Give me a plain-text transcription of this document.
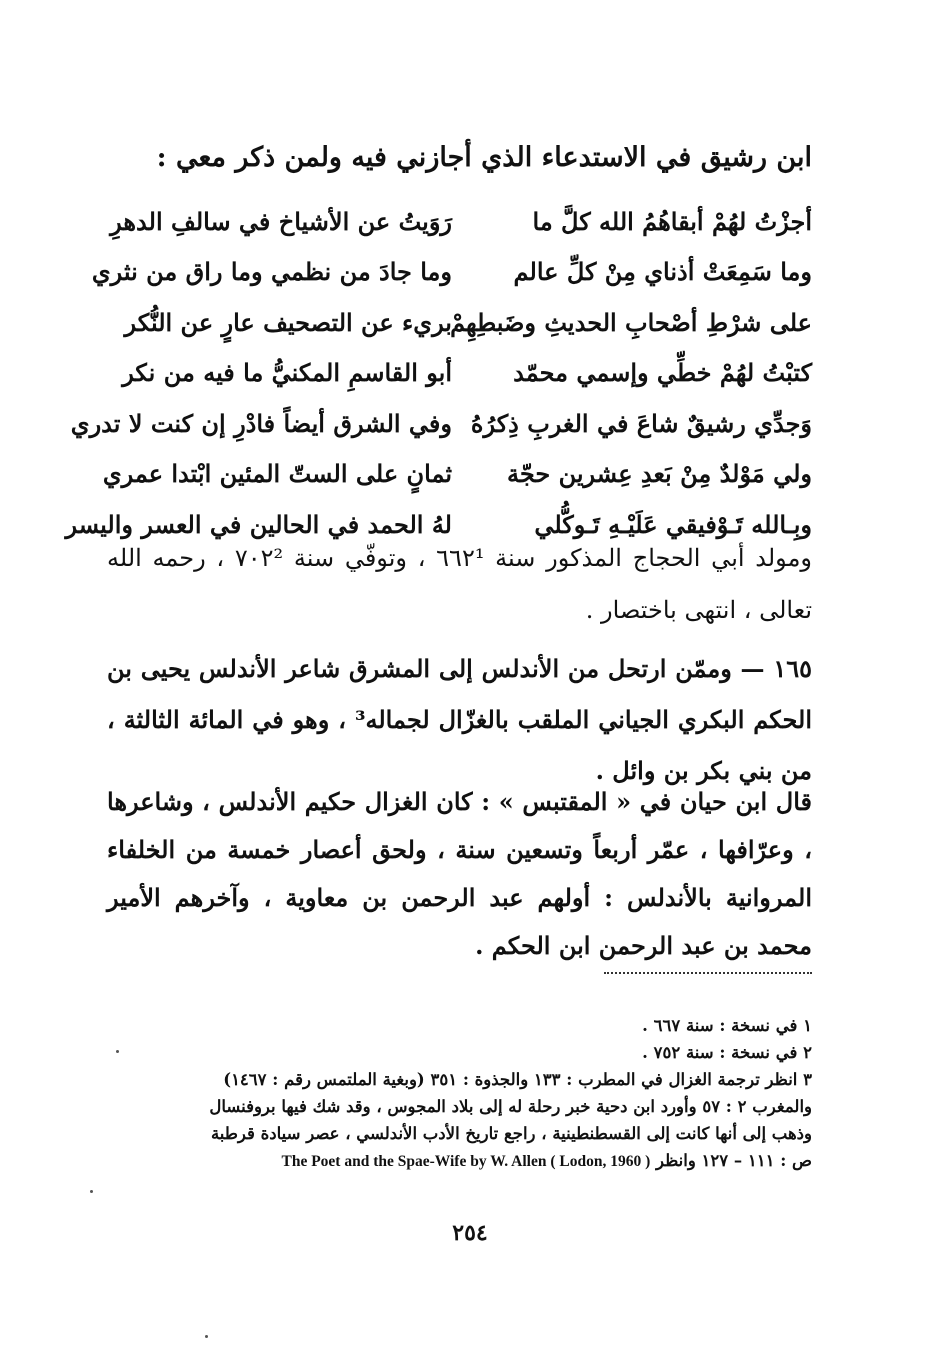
ابن رشيق في الاستدعاء الذي أجازني فيه ولمن ذكر معي :
أجزْتُ لهُمْ أبقاهُمُ الله كلَّ ما
رَوَيتُ عن الأشياخ في سالفِ الدهرِ
وما سَمِعَتْ أذناي مِنْ كلِّ عالم
وما جادَ من نظمي وما راق من نثري
على شرْطِ أصْحابِ الحديثِ وضَبطِهِمْ
بريء عن التصحيف عارٍ عن النُّكر
كتبْتُ لهُمْ خطِّي وإسمي محمّد
أبو القاسمِ المكنيُّ ما فيه من نكر
وَجدِّي رشيقٌ شاعَ في الغربِ ذِكرُهُ
وفي الشرق أيضاً فادْرِ إن كنت لا تدري
ولي مَوْلدٌ مِنْ بَعدِ عِشرين حجّة
ثمانٍ على الستّ المئين ابْتدا عمري
وبِـالله تَـوْفيقي عَلَيْـهِ تَـوكُّلي
لهُ الحمد في الحالين في العسر واليسر
ومولد أبي الحجاج المذكور سنة ٦٦٢¹ ، وتوفّي سنة ٧٠٢² ، رحمه الله تعالى ، انتهى باختصار .
١٦٥ — وممّن ارتحل من الأندلس إلى المشرق شاعر الأندلس يحيى بن الحكم البكري الجياني الملقب بالغزّال لجماله³ ، وهو في المائة الثالثة ، من بني بكر بن وائل .
قال ابن حيان في « المقتبس » : كان الغزال حكيم الأندلس ، وشاعرها ، وعرّافها ، عمّر أربعاً وتسعين سنة ، ولحق أعصار خمسة من الخلفاء المروانية بالأندلس : أولهم عبد الرحمن بن معاوية ، وآخرهم الأمير محمد بن عبد الرحمن ابن الحكم .
١ في نسخة : سنة ٦٦٧ .
٢ في نسخة : سنة ٧٥٢ .
٣ انظر ترجمة الغزال في المطرب : ١٣٣ والجذوة : ٣٥١ (وبغية الملتمس رقم : ١٤٦٧)
والمغرب ٢ : ٥٧ وأورد ابن دحية خبر رحلة له إلى بلاد المجوس ، وقد شك فيها بروفنسال
وذهب إلى أنها كانت إلى القسطنطينية ، راجع تاريخ الأدب الأندلسي ، عصر سيادة قرطبة
ص : ١١١ – ١٢٧ وانظر The Poet and the Spae-Wife by W. Allen ( Lodon, 1960 )
٢٥٤
